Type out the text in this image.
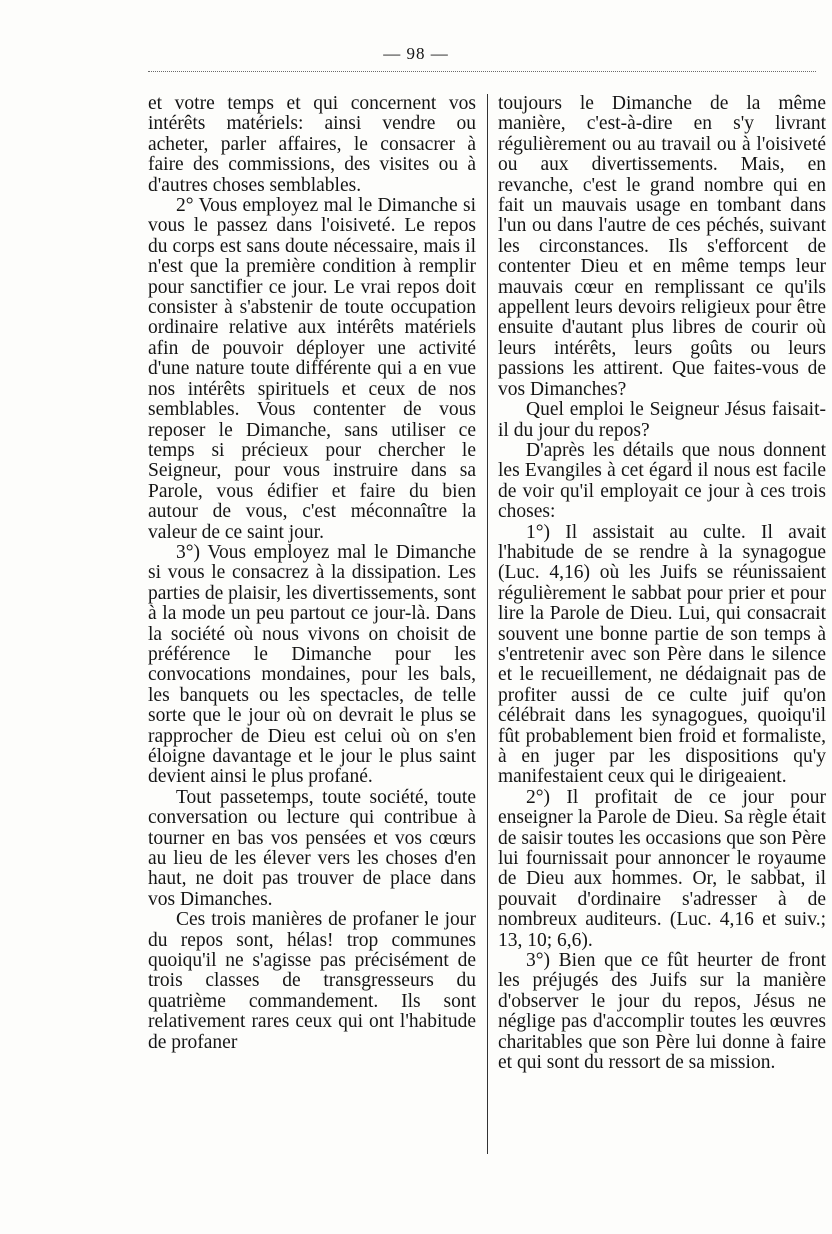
— 98 —

et votre temps et qui concernent vos intérêts matériels: ainsi vendre ou acheter, parler affaires, le consacrer à faire des commissions, des visites ou à d'autres choses semblables.

2° Vous employez mal le Dimanche si vous le passez dans l'oisiveté. Le repos du corps est sans doute nécessaire, mais il n'est que la première condition à remplir pour sanctifier ce jour. Le vrai repos doit consister à s'abstenir de toute occupation ordinaire relative aux intérêts matériels afin de pouvoir déployer une activité d'une nature toute différente qui a en vue nos intérêts spirituels et ceux de nos semblables. Vous contenter de vous reposer le Dimanche, sans utiliser ce temps si précieux pour chercher le Seigneur, pour vous instruire dans sa Parole, vous édifier et faire du bien autour de vous, c'est méconnaître la valeur de ce saint jour.

3°) Vous employez mal le Dimanche si vous le consacrez à la dissipation. Les parties de plaisir, les divertissements, sont à la mode un peu partout ce jour-là. Dans la société où nous vivons on choisit de préférence le Dimanche pour les convocations mondaines, pour les bals, les banquets ou les spectacles, de telle sorte que le jour où on devrait le plus se rapprocher de Dieu est celui où on s'en éloigne davantage et le jour le plus saint devient ainsi le plus profané.

Tout passetemps, toute société, toute conversation ou lecture qui contribue à tourner en bas vos pensées et vos cœurs au lieu de les élever vers les choses d'en haut, ne doit pas trouver de place dans vos Dimanches.

Ces trois manières de profaner le jour du repos sont, hélas! trop communes quoiqu'il ne s'agisse pas précisément de trois classes de transgresseurs du quatrième commandement. Ils sont relativement rares ceux qui ont l'habitude de profaner

toujours le Dimanche de la même manière, c'est-à-dire en s'y livrant régulièrement ou au travail ou à l'oisiveté ou aux divertissements. Mais, en revanche, c'est le grand nombre qui en fait un mauvais usage en tombant dans l'un ou dans l'autre de ces péchés, suivant les circonstances. Ils s'efforcent de contenter Dieu et en même temps leur mauvais cœur en remplissant ce qu'ils appellent leurs devoirs religieux pour être ensuite d'autant plus libres de courir où leurs intérêts, leurs goûts ou leurs passions les attirent. Que faites-vous de vos Dimanches?

Quel emploi le Seigneur Jésus faisait-il du jour du repos?

D'après les détails que nous donnent les Evangiles à cet égard il nous est facile de voir qu'il employait ce jour à ces trois choses:

1°) Il assistait au culte. Il avait l'habitude de se rendre à la synagogue (Luc. 4,16) où les Juifs se réunissaient régulièrement le sabbat pour prier et pour lire la Parole de Dieu. Lui, qui consacrait souvent une bonne partie de son temps à s'entretenir avec son Père dans le silence et le recueillement, ne dédaignait pas de profiter aussi de ce culte juif qu'on célébrait dans les synagogues, quoiqu'il fût probablement bien froid et formaliste, à en juger par les dispositions qu'y manifestaient ceux qui le dirigeaient.

2°) Il profitait de ce jour pour enseigner la Parole de Dieu. Sa règle était de saisir toutes les occasions que son Père lui fournissait pour annoncer le royaume de Dieu aux hommes. Or, le sabbat, il pouvait d'ordinaire s'adresser à de nombreux auditeurs. (Luc. 4,16 et suiv.; 13, 10; 6,6).

3°) Bien que ce fût heurter de front les préjugés des Juifs sur la manière d'observer le jour du repos, Jésus ne néglige pas d'accomplir toutes les œuvres charitables que son Père lui donne à faire et qui sont du ressort de sa mission.
